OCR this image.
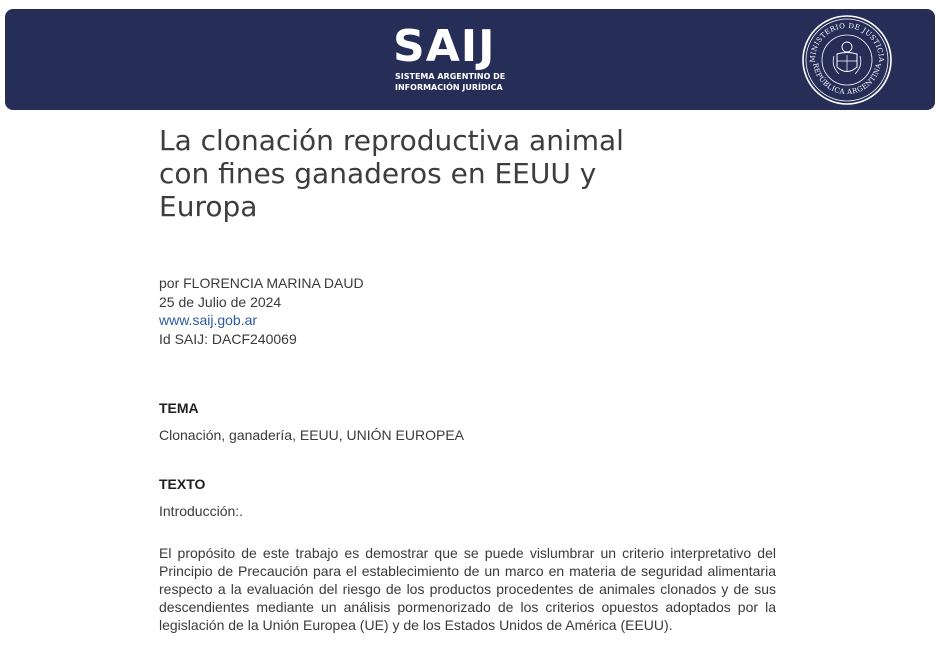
SAIJ
SISTEMA ARGENTINO DE
INFORMACIÓN JURÍDICA
MINISTERIO DE JUSTICIA
REPÚBLICA ARGENTINA
La clonación reproductiva animal con fines ganaderos en EEUU y Europa
por FLORENCIA MARINA DAUD
25 de Julio de 2024
www.saij.gob.ar
Id SAIJ: DACF240069
TEMA
Clonación, ganadería, EEUU, UNIÓN EUROPEA
TEXTO
Introducción:.

El propósito de este trabajo es demostrar que se puede vislumbrar un criterio interpretativo del Principio de Precaución para el establecimiento de un marco en materia de seguridad alimentaria respecto a la evaluación del riesgo de los productos procedentes de animales clonados y de sus descendientes mediante un análisis pormenorizado de los criterios opuestos adoptados por la legislación de la Unión Europea (UE) y de los Estados Unidos de América (EEUU).
